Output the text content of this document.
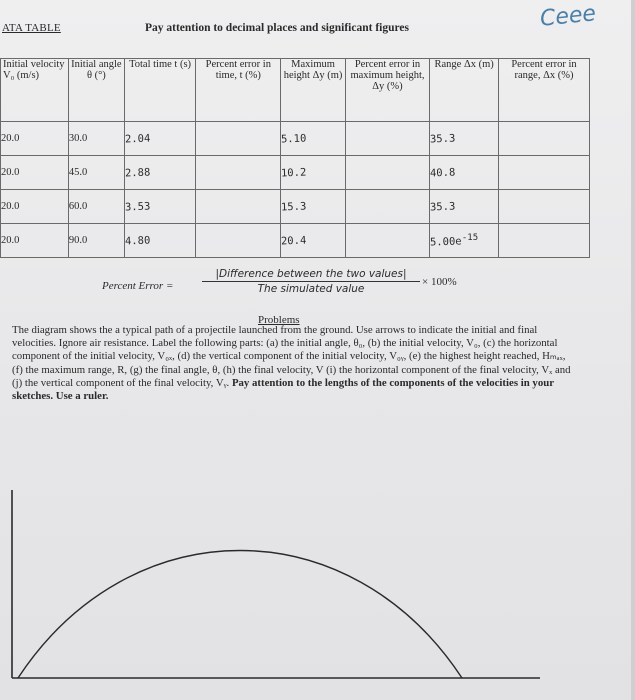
ATA TABLE	Pay attention to decimal places and significant figures	Ceee
Initial velocity V₀ (m/s)	Initial angle θ (°)	Total time t (s)	Percent error in time, t (%)	Maximum height Δy (m)	Percent error in maximum height, Δy (%)	Range Δx (m)	Percent error in range, Δx (%)
20.0	30.0	2.04		5.10		35.3	
20.0	45.0	2.88		10.2		40.8	
20.0	60.0	3.53		15.3		35.3	
20.0	90.0	4.80		20.4		$5.00e^{-15}$	
Percent Error =
|Difference between the two values|
The simulated value
× 100%
Problems
The diagram shows the a typical path of a projectile launched from the ground. Use arrows to indicate the initial and final velocities. Ignore air resistance. Label the following parts: (a) the initial angle, θ₀, (b) the initial velocity, V₀, (c) the horizontal component of the initial velocity, V₀ₓ, (d) the vertical component of the initial velocity, V₀ᵧ, (e) the highest height reached, Hₘₐₓ, (f) the maximum range, R, (g) the final angle, θ, (h) the final velocity, V (i) the horizontal component of the final velocity, Vₓ and (j) the vertical component of the final velocity, Vᵧ. Pay attention to the lengths of the components of the velocities in your sketches. Use a ruler.
